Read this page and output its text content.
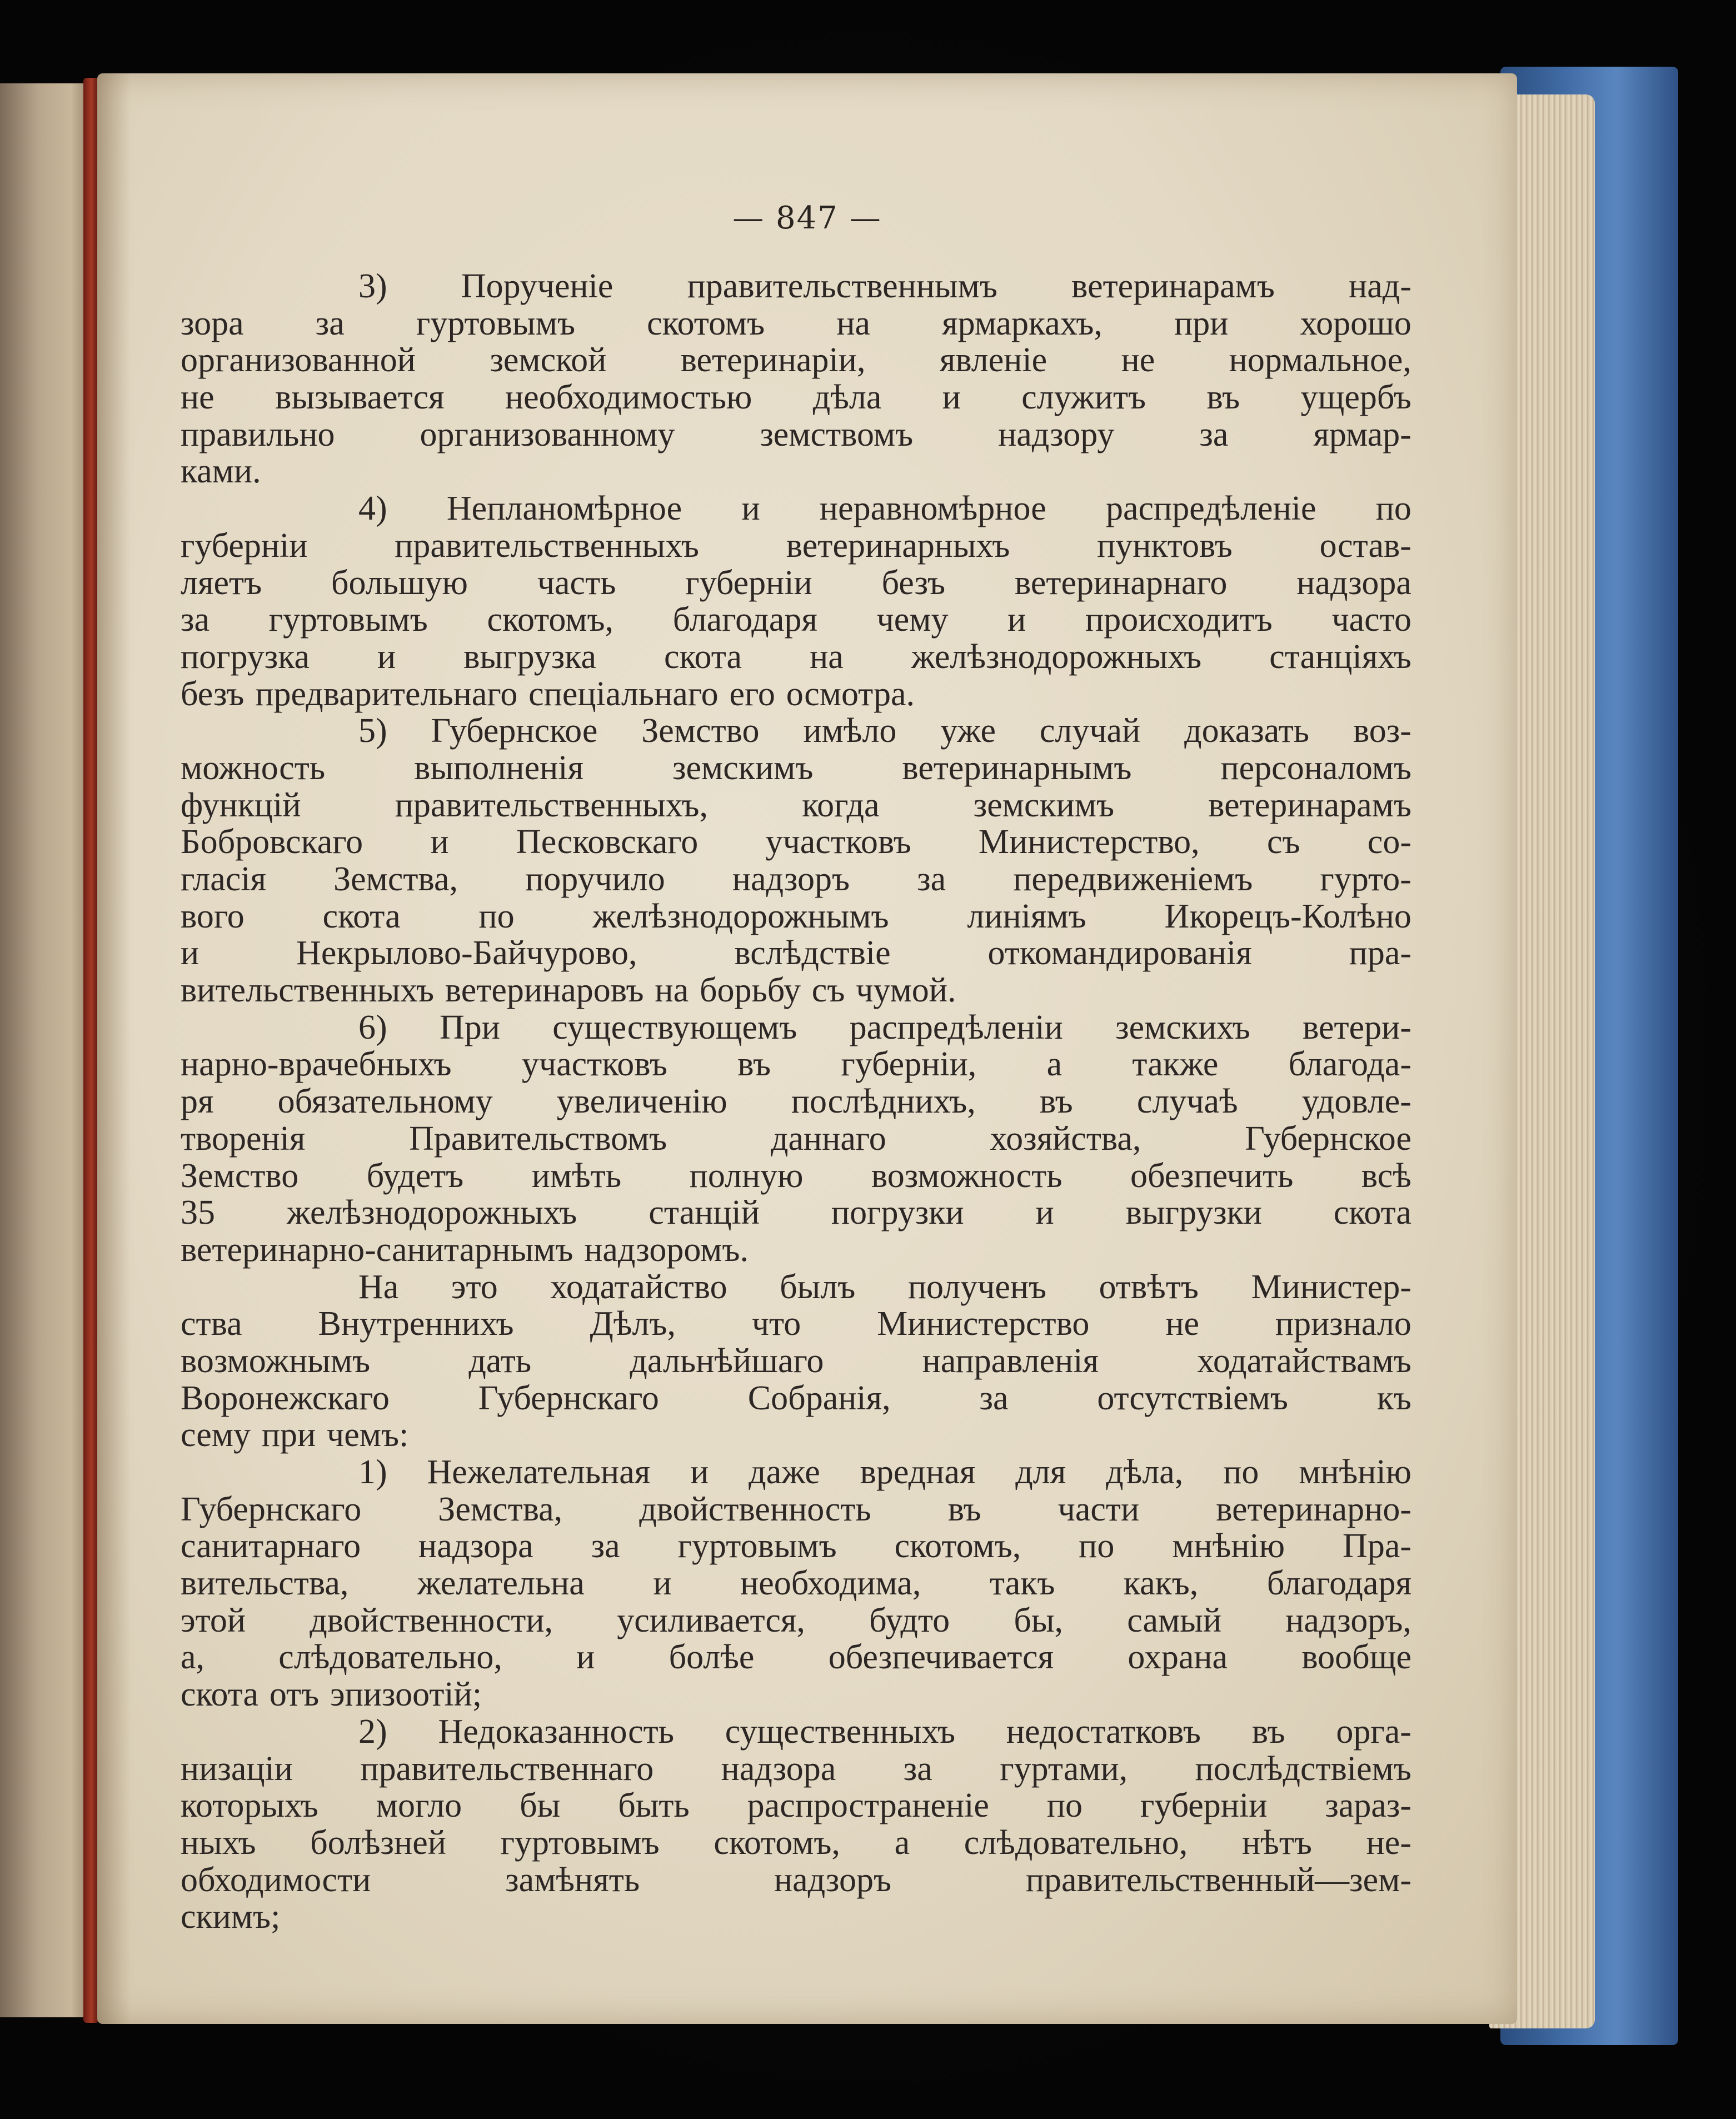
— 847 —
3) Порученіе правительственнымъ ветеринарамъ над-
зора за гуртовымъ скотомъ на ярмаркахъ, при хорошо
организованной земской ветеринаріи, явленіе не нормальное,
не вызывается необходимостью дѣла и служитъ въ ущербъ
правильно организованному земствомъ надзору за ярмар-
ками.
4) Непланомѣрное и неравномѣрное распредѣленіе по
губерніи	правительственныхъ	ветеринарныхъ	пунктовъ	остав-
ляетъ большую часть губерніи безъ ветеринарнаго надзора
за гуртовымъ скотомъ, благодаря чему и происходитъ часто
погрузка и выгрузка скота на желѣзнодорожныхъ станціяхъ
безъ предварительнаго спеціальнаго его осмотра.
5) Губернское Земство имѣло уже случай доказать воз-
можность	выполненія	земскимъ	ветеринарнымъ	персоналомъ
функцій	правительственныхъ,	когда	земскимъ	ветеринарамъ
Бобровскаго и Песковскаго участковъ Министерство, съ со-
гласія Земства, поручило надзоръ за передвиженіемъ гурто-
вого скота по желѣзнодорожнымъ линіямъ Икорецъ-Колѣно
и	Некрылово-Байчурово,	вслѣдствіе	откомандированія	пра-
вительственныхъ ветеринаровъ на борьбу съ чумой.
6) При существующемъ распредѣленіи земскихъ ветери-
нарно-врачебныхъ участковъ въ губерніи, а также благода-
ря обязательному увеличенію послѣднихъ, въ случаѣ удовле-
творенія	Правительствомъ	даннаго	хозяйства,	Губернское
Земство будетъ имѣть полную возможность обезпечить всѣ
35 желѣзнодорожныхъ станцій погрузки и выгрузки скота
ветеринарно-санитарнымъ надзоромъ.
На это ходатайство былъ полученъ отвѣтъ Министер-
ства Внутреннихъ Дѣлъ, что Министерство не признало
возможнымъ	дать	дальнѣйшаго	направленія	ходатайствамъ
Воронежскаго	Губернскаго	Собранія,	за	отсутствіемъ	къ
сему при чемъ:
1) Нежелательная и даже вредная для дѣла, по мнѣнію
Губернскаго Земства, двойственность въ части ветеринарно-
санитарнаго надзора за гуртовымъ скотомъ, по мнѣнію Пра-
вительства, желательна и необходима, такъ какъ, благодаря
этой двойственности, усиливается, будто бы, самый надзоръ,
а, слѣдовательно, и болѣе обезпечивается охрана вообще
скота отъ эпизоотій;
2) Недоказанность существенныхъ недостатковъ въ орга-
низаціи правительственнаго надзора за гуртами, послѣдствіемъ
которыхъ могло бы быть распространеніе по губерніи зараз-
ныхъ болѣзней гуртовымъ скотомъ, а слѣдовательно, нѣтъ не-
обходимости	замѣнять	надзоръ	правительственный—зем-
скимъ;
